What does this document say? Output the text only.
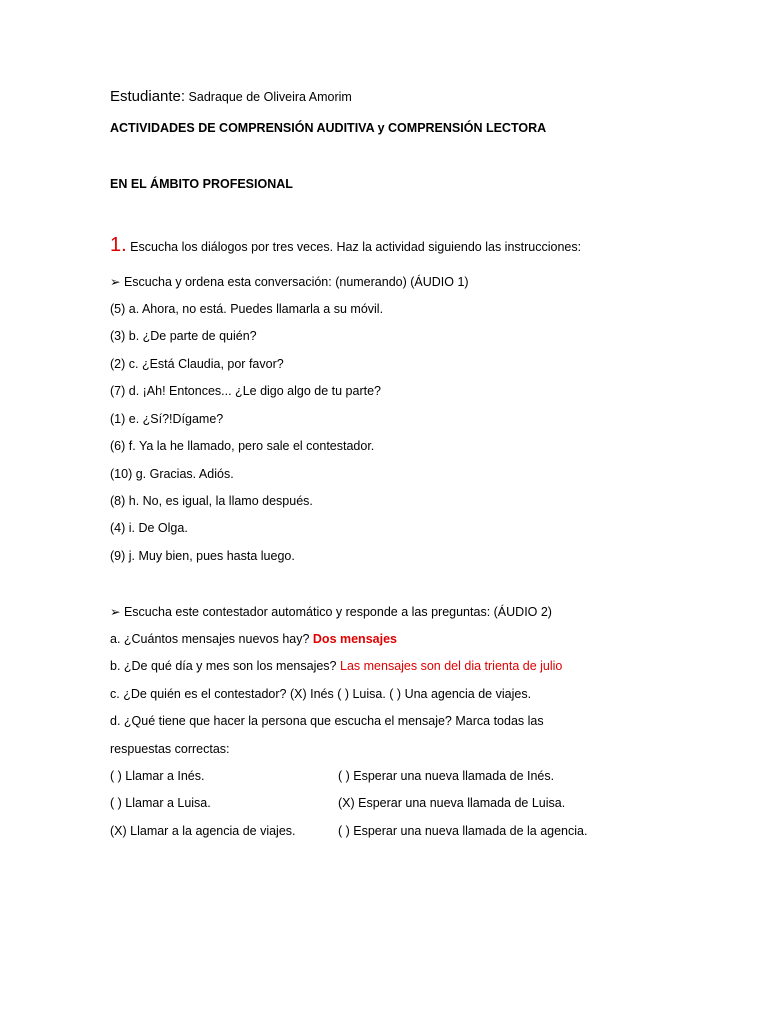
Estudiante: Sadraque de Oliveira Amorim
ACTIVIDADES DE COMPRENSIÓN AUDITIVA y COMPRENSIÓN LECTORA
EN EL ÁMBITO PROFESIONAL
1. Escucha los diálogos por tres veces. Haz la actividad siguiendo las instrucciones:
➢ Escucha y ordena esta conversación: (numerando) (ÁUDIO 1)
(5) a. Ahora, no está. Puedes llamarla a su móvil.
(3) b. ¿De parte de quién?
(2) c. ¿Está Claudia, por favor?
(7) d. ¡Ah! Entonces... ¿Le digo algo de tu parte?
(1) e. ¿Sí?!Dígame?
(6) f. Ya la he llamado, pero sale el contestador.
(10) g. Gracias. Adiós.
(8) h. No, es igual, la llamo después.
(4) i. De Olga.
(9) j. Muy bien, pues hasta luego.
➢ Escucha este contestador automático y responde a las preguntas: (ÁUDIO 2)
a. ¿Cuántos mensajes nuevos hay? Dos mensajes
b. ¿De qué día y mes son los mensajes? Las mensajes son del dia trienta de julio
c. ¿De quién es el contestador? (X) Inés ( ) Luisa. ( ) Una agencia de viajes.
d. ¿Qué tiene que hacer la persona que escucha el mensaje? Marca todas las
respuestas correctas:
( ) Llamar a Inés.	( ) Esperar una nueva llamada de Inés.
( ) Llamar a Luisa.	(X) Esperar una nueva llamada de Luisa.
(X) Llamar a la agencia de viajes.	( ) Esperar una nueva llamada de la agencia.
